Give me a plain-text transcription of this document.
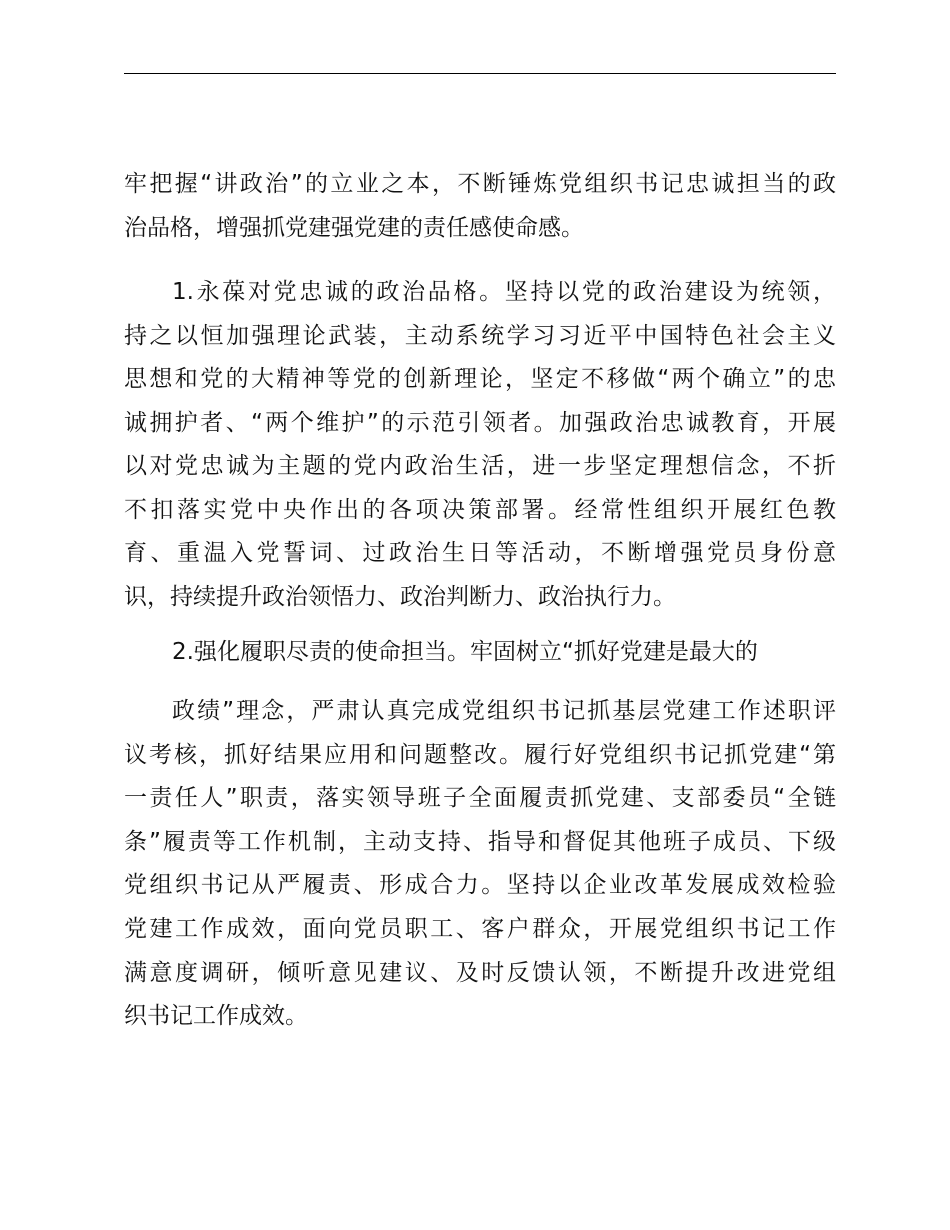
牢把握“讲政治”的立业之本，不断锤炼党组织书记忠诚担当的政
治品格，增强抓党建强党建的责任感使命感。
1.永葆对党忠诚的政治品格。坚持以党的政治建设为统领，
持之以恒加强理论武装，主动系统学习习近平中国特色社会主义
思想和党的大精神等党的创新理论，坚定不移做“两个确立”的忠
诚拥护者、“两个维护”的示范引领者。加强政治忠诚教育，开展
以对党忠诚为主题的党内政治生活，进一步坚定理想信念，不折
不扣落实党中央作出的各项决策部署。经常性组织开展红色教
育、重温入党誓词、过政治生日等活动，不断增强党员身份意
识，持续提升政治领悟力、政治判断力、政治执行力。
2.强化履职尽责的使命担当。牢固树立“抓好党建是最大的
政绩”理念，严肃认真完成党组织书记抓基层党建工作述职评
议考核，抓好结果应用和问题整改。履行好党组织书记抓党建“第
一责任人”职责，落实领导班子全面履责抓党建、支部委员“全链
条”履责等工作机制，主动支持、指导和督促其他班子成员、下级
党组织书记从严履责、形成合力。坚持以企业改革发展成效检验
党建工作成效，面向党员职工、客户群众，开展党组织书记工作
满意度调研，倾听意见建议、及时反馈认领，不断提升改进党组
织书记工作成效。
